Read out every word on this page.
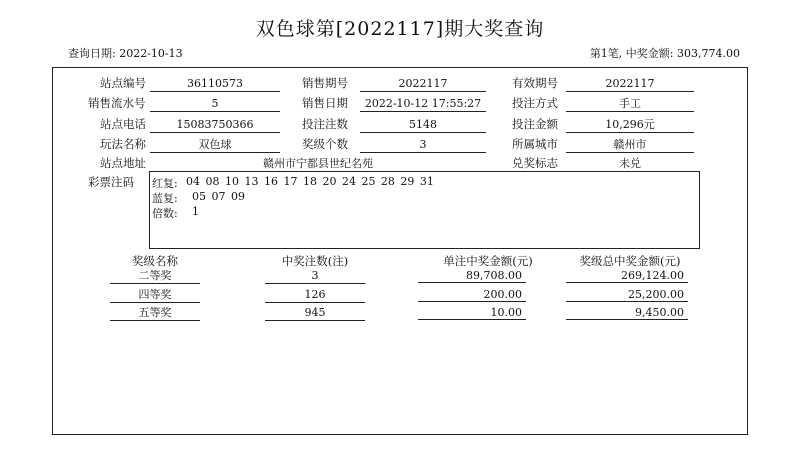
双色球第[2022117]期大奖查询
查询日期: 2022-10-13	第1笔, 中奖金额: 303,774.00
站点编号	36110573	销售期号	2022117	有效期号	2022117
销售流水号	5	销售日期	2022-10-12 17:55:27	投注方式	手工
站点电话	15083750366	投注注数	5148	投注金额	10,296元
玩法名称	双色球	奖级个数	3	所属城市	赣州市
站点地址	赣州市宁都县世纪名苑	兑奖标志	未兑
彩票注码 红复: 04 08 10 13 16 17 18 20 24 25 28 29 31
蓝复: 05 07 09
倍数: 1
奖级名称	中奖注数(注)	单注中奖金额(元)	奖级总中奖金额(元)
二等奖	3	89,708.00	269,124.00
四等奖	126	200.00	25,200.00
五等奖	945	10.00	9,450.00
